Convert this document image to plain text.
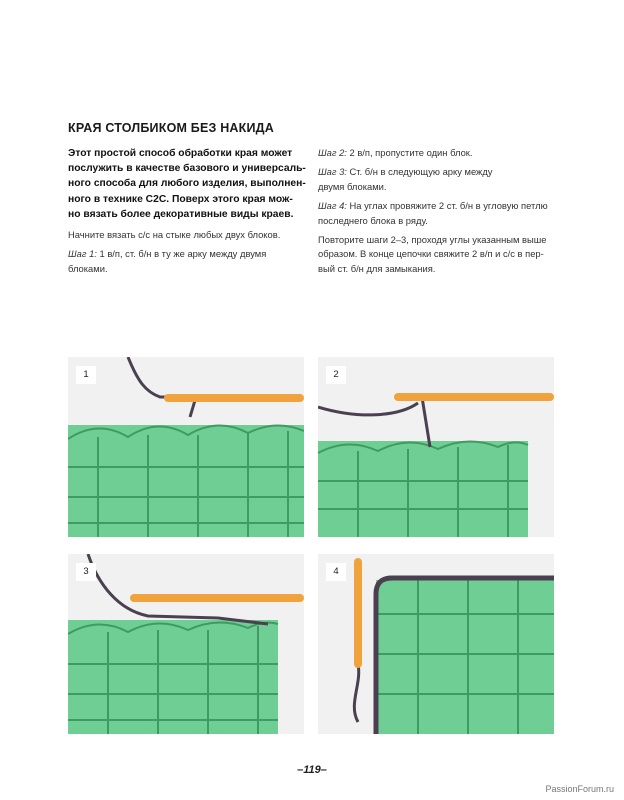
КРАЯ СТОЛБИКОМ БЕЗ НАКИДА

Этот простой способ обработки края может
послужить в качестве базового и универсаль-
ного способа для любого изделия, выполнен-
ного в технике С2С. Поверх этого края мож-
но вязать более декоративные виды краев.

Начните вязать с/с на стыке любых двух блоков.

Шаг 1: 1 в/п, ст. б/н в ту же арку между двумя блоками.

Шаг 2: 2 в/п, пропустите один блок.

Шаг 3: Ст. б/н в следующую арку между
двумя блоками.

Шаг 4: На углах провяжите 2 ст. б/н в угловую петлю
последнего блока в ряду.

Повторите шаги 2–3, проходя углы указанным выше
образом. В конце цепочки свяжите 2 в/п и с/с в пер-
вый ст. б/н для замыкания.

1	2
3	4
–119–
PassionForum.ru
